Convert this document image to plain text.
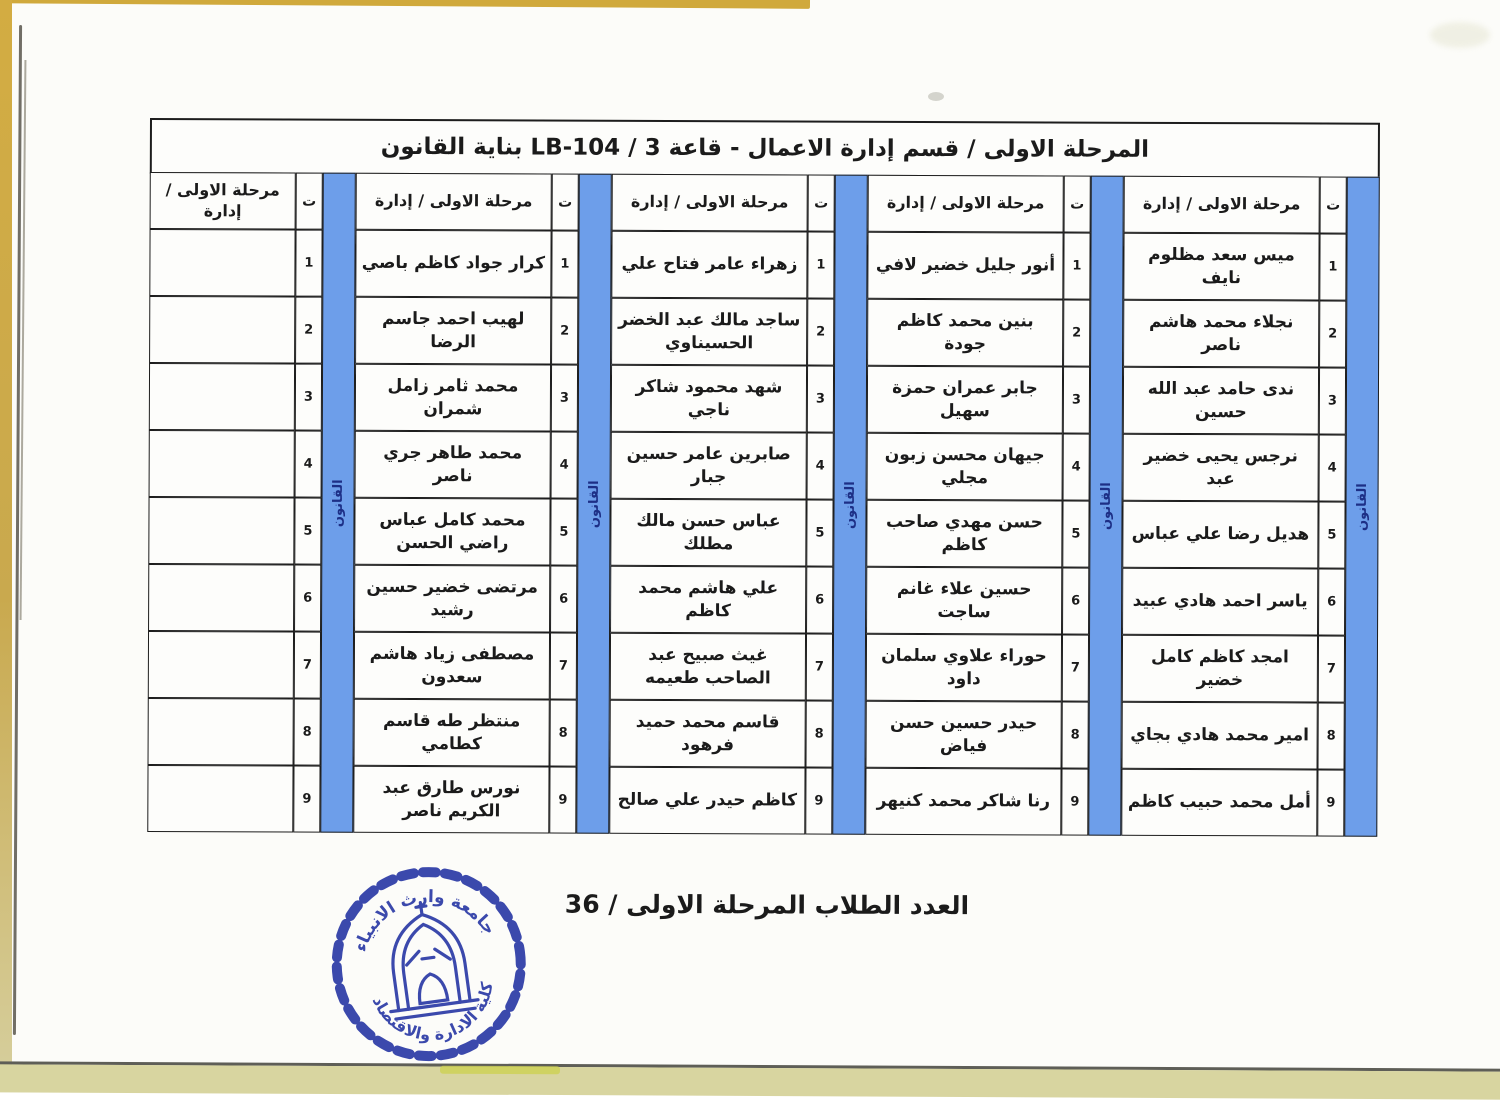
المرحلة الاولى / قسم إدارة الاعمال - قاعة 3 / LB-104 بناية القانون
القانون
ت
مرحلة الاولى / إدارة
1
ميس سعد مظلوم نايف
2
نجلاء محمد هاشم ناصر
3
ندى حامد عبد الله حسين
4
نرجس يحيى خضير عبد
5
هديل رضا علي عباس
6
ياسر احمد هادي عبيد
7
امجد كاظم كامل خضير
8
امير محمد هادي بجاي
9
أمل محمد حبيب كاظم
القانون
ت
مرحلة الاولى / إدارة
1
أنور جليل خضير لافي
2
بنين محمد كاظم جودة
3
جابر عمران حمزة سهيل
4
جيهان محسن زبون مجلي
5
حسن مهدي صاحب كاظم
6
حسين علاء غانم ساجت
7
حوراء علاوي سلمان داود
8
حيدر حسين حسن فياض
9
رنا شاكر محمد كنيهر
القانون
ت
مرحلة الاولى / إدارة
1
زهراء عامر فتاح علي
2
ساجد مالك عبد الخضر الحسيناوي
3
شهد محمود شاكر ناجي
4
صابرين عامر حسين جبار
5
عباس حسن مالك مطلك
6
علي هاشم محمد كاظم
7
غيث صبيح عبد الصاحب طعيمه
8
قاسم محمد حميد فرهود
9
كاظم حيدر علي صالح
القانون
ت
مرحلة الاولى / إدارة
1
كرار جواد كاظم باصي
2
لهيب احمد جاسم الرضا
3
محمد ثامر زامل شمران
4
محمد طاهر جري ناصر
5
محمد كامل عباس راضي الحسن
6
مرتضى خضير حسين رشيد
7
مصطفى زياد هاشم سعدون
8
منتظر طه قاسم كطامي
9
نورس طارق عبد الكريم ناصر
القانون
ت
مرحلة الاولى / إدارة
1
2
3
4
5
6
7
8
9
العدد الطلاب المرحلة الاولى / 36
جامعة وارث الانبياء
كلية الادارة والاقتصاد
